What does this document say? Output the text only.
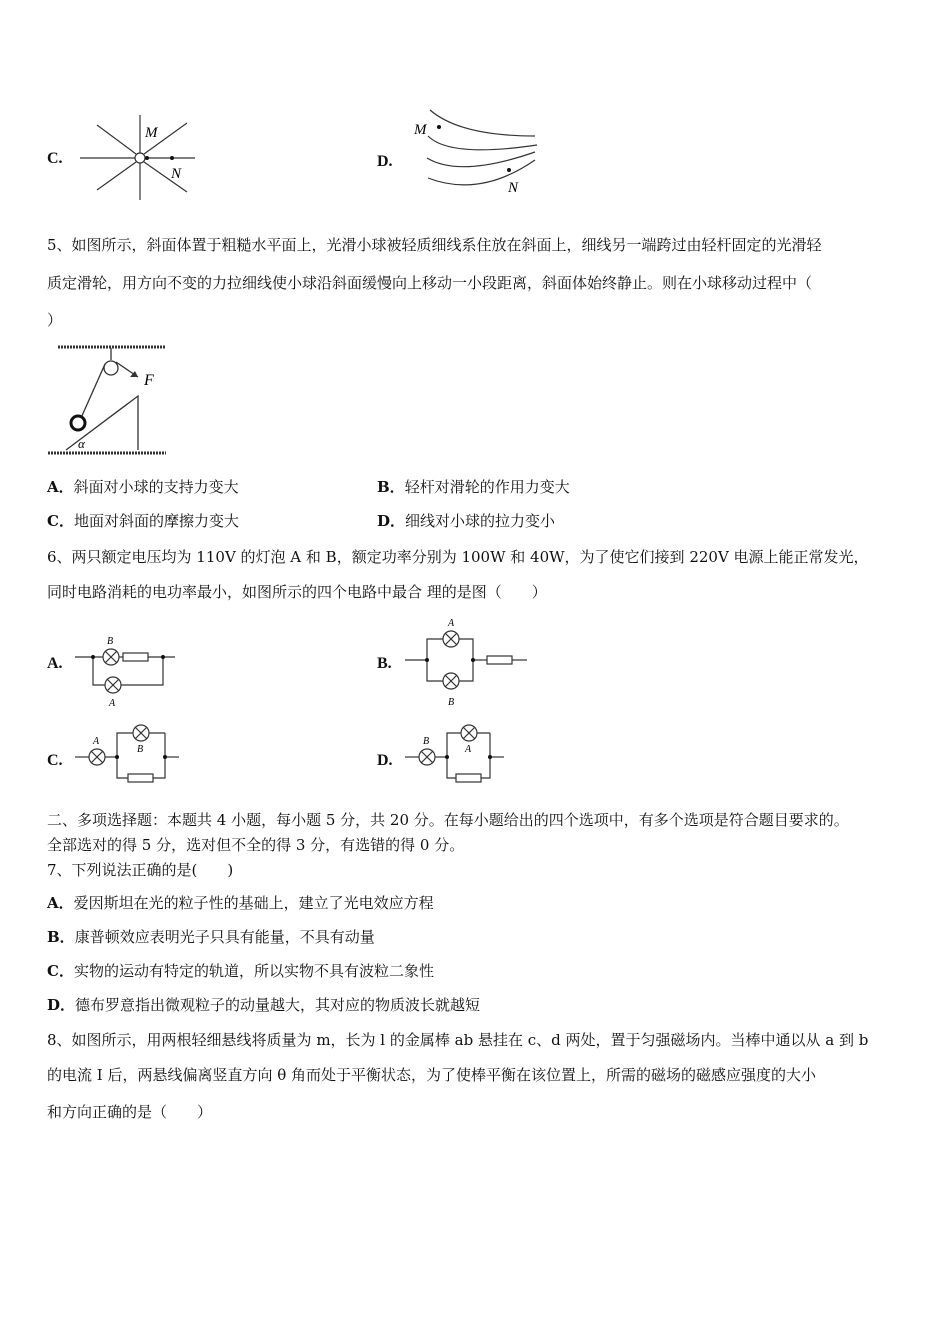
C.
M
N
D.
M
N
5、如图所示，斜面体置于粗糙水平面上，光滑小球被轻质细线系住放在斜面上，细线另一端跨过由轻杆固定的光滑轻
质定滑轮，用方向不变的力拉细线使小球沿斜面缓慢向上移动一小段距离，斜面体始终静止。则在小球移动过程中（
）
F
α
A．斜面对小球的支持力变大	B．轻杆对滑轮的作用力变大
C．地面对斜面的摩擦力变大	D．细线对小球的拉力变小
6、两只额定电压均为 110V 的灯泡 A 和 B，额定功率分别为 100W 和 40W，为了使它们接到 220V 电源上能正常发光，
同时电路消耗的电功率最小，如图所示的四个电路中最合 理的是图（　　）
A.
B
A
B.
A
B
C.
A
B
D.
B
A
二、多项选择题：本题共 4 小题，每小题 5 分，共 20 分。在每小题给出的四个选项中，有多个选项是符合题目要求的。
全部选对的得 5 分，选对但不全的得 3 分，有选错的得 0 分。
7、下列说法正确的是(　　)
A．爱因斯坦在光的粒子性的基础上，建立了光电效应方程
B．康普顿效应表明光子只具有能量，不具有动量
C．实物的运动有特定的轨道，所以实物不具有波粒二象性
D．德布罗意指出微观粒子的动量越大，其对应的物质波长就越短
8、如图所示，用两根轻细悬线将质量为 m，长为 l 的金属棒 ab 悬挂在 c、d 两处，置于匀强磁场内。当棒中通以从 a 到 b
的电流 I 后，两悬线偏离竖直方向 θ 角而处于平衡状态，为了使棒平衡在该位置上，所需的磁场的磁感应强度的大小
和方向正确的是（　　）
